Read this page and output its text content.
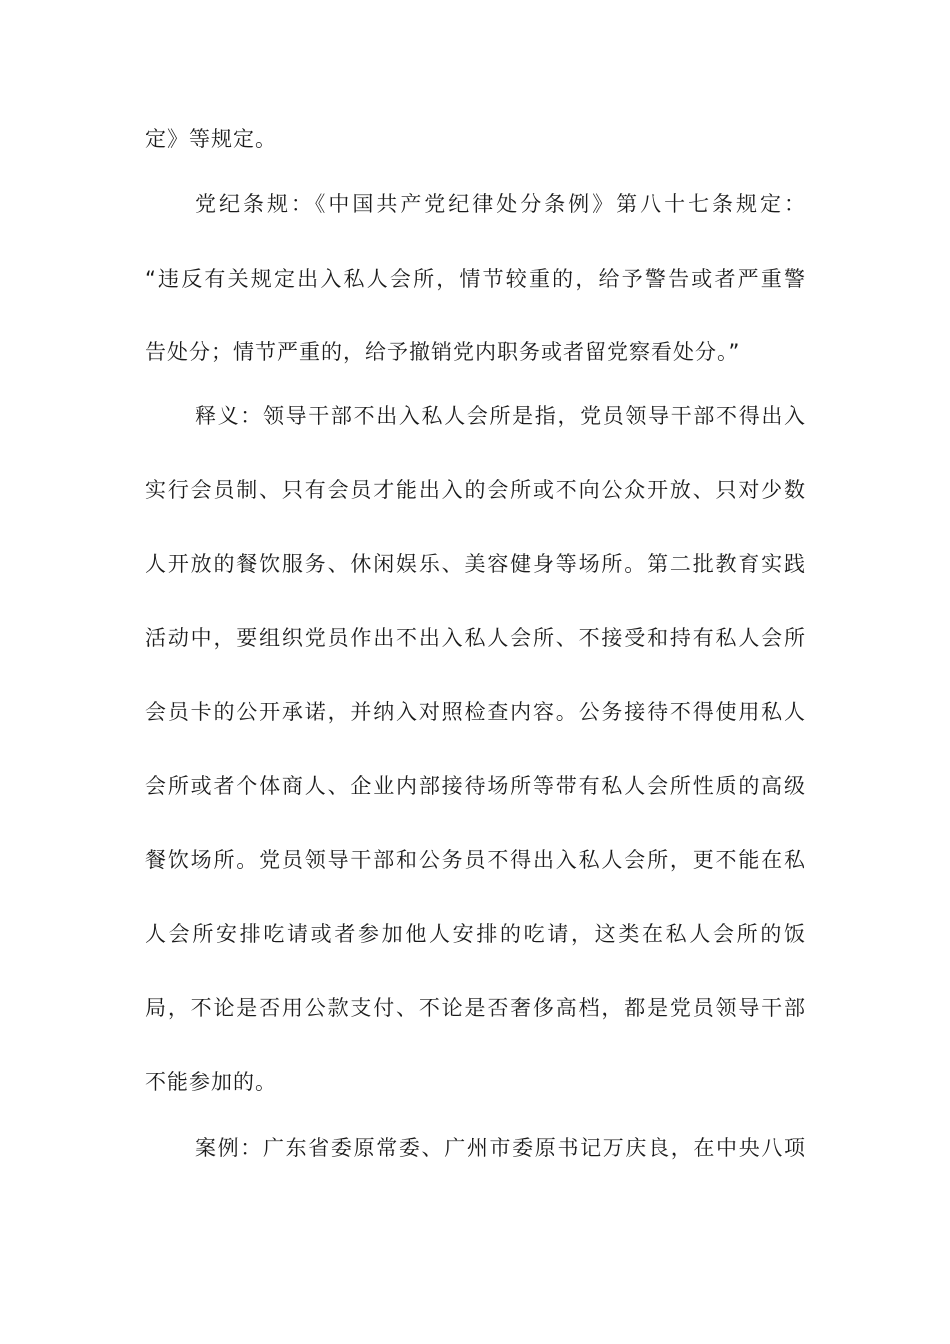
定》等规定。
党纪条规：《中国共产党纪律处分条例》第八十七条规定：
“违反有关规定出入私人会所，情节较重的，给予警告或者严重警
告处分；情节严重的，给予撤销党内职务或者留党察看处分。”
释义：领导干部不出入私人会所是指，党员领导干部不得出入
实行会员制、只有会员才能出入的会所或不向公众开放、只对少数
人开放的餐饮服务、休闲娱乐、美容健身等场所。第二批教育实践
活动中，要组织党员作出不出入私人会所、不接受和持有私人会所
会员卡的公开承诺，并纳入对照检查内容。公务接待不得使用私人
会所或者个体商人、企业内部接待场所等带有私人会所性质的高级
餐饮场所。党员领导干部和公务员不得出入私人会所，更不能在私
人会所安排吃请或者参加他人安排的吃请，这类在私人会所的饭
局，不论是否用公款支付、不论是否奢侈高档，都是党员领导干部
不能参加的。
案例：广东省委原常委、广州市委原书记万庆良，在中央八项
